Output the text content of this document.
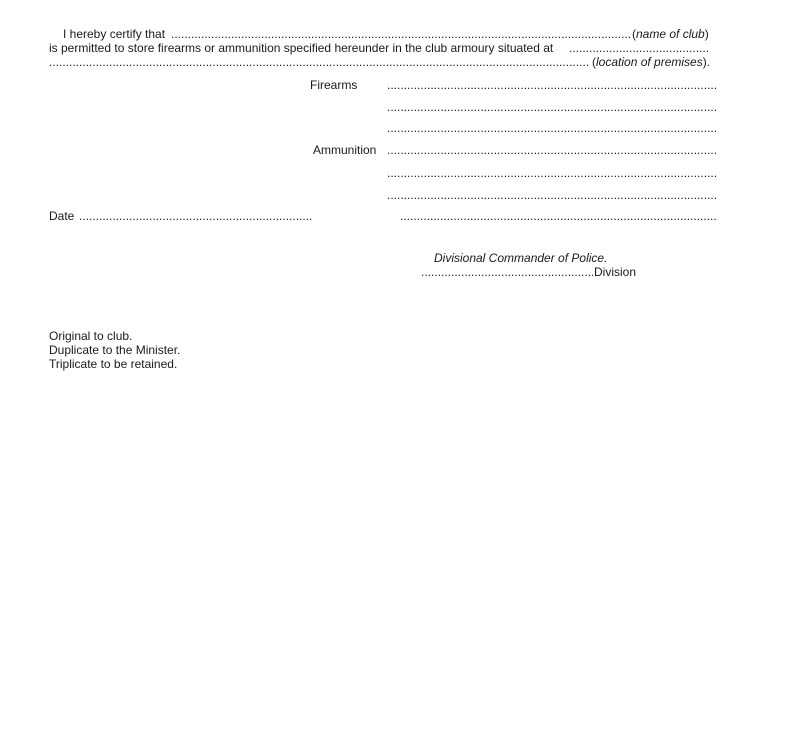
I hereby certify that
.....	(name of club)
is permitted to store firearms or ammunition specified hereunder in the club armoury situated at
.....
.....
(location of premises).
Firearms
.....
.....
.....
Ammunition
.....
.....
.....
Date
.....
.....
Divisional Commander of Police.
.....
Division
Original to club.
Duplicate to the Minister.
Triplicate to be retained.
